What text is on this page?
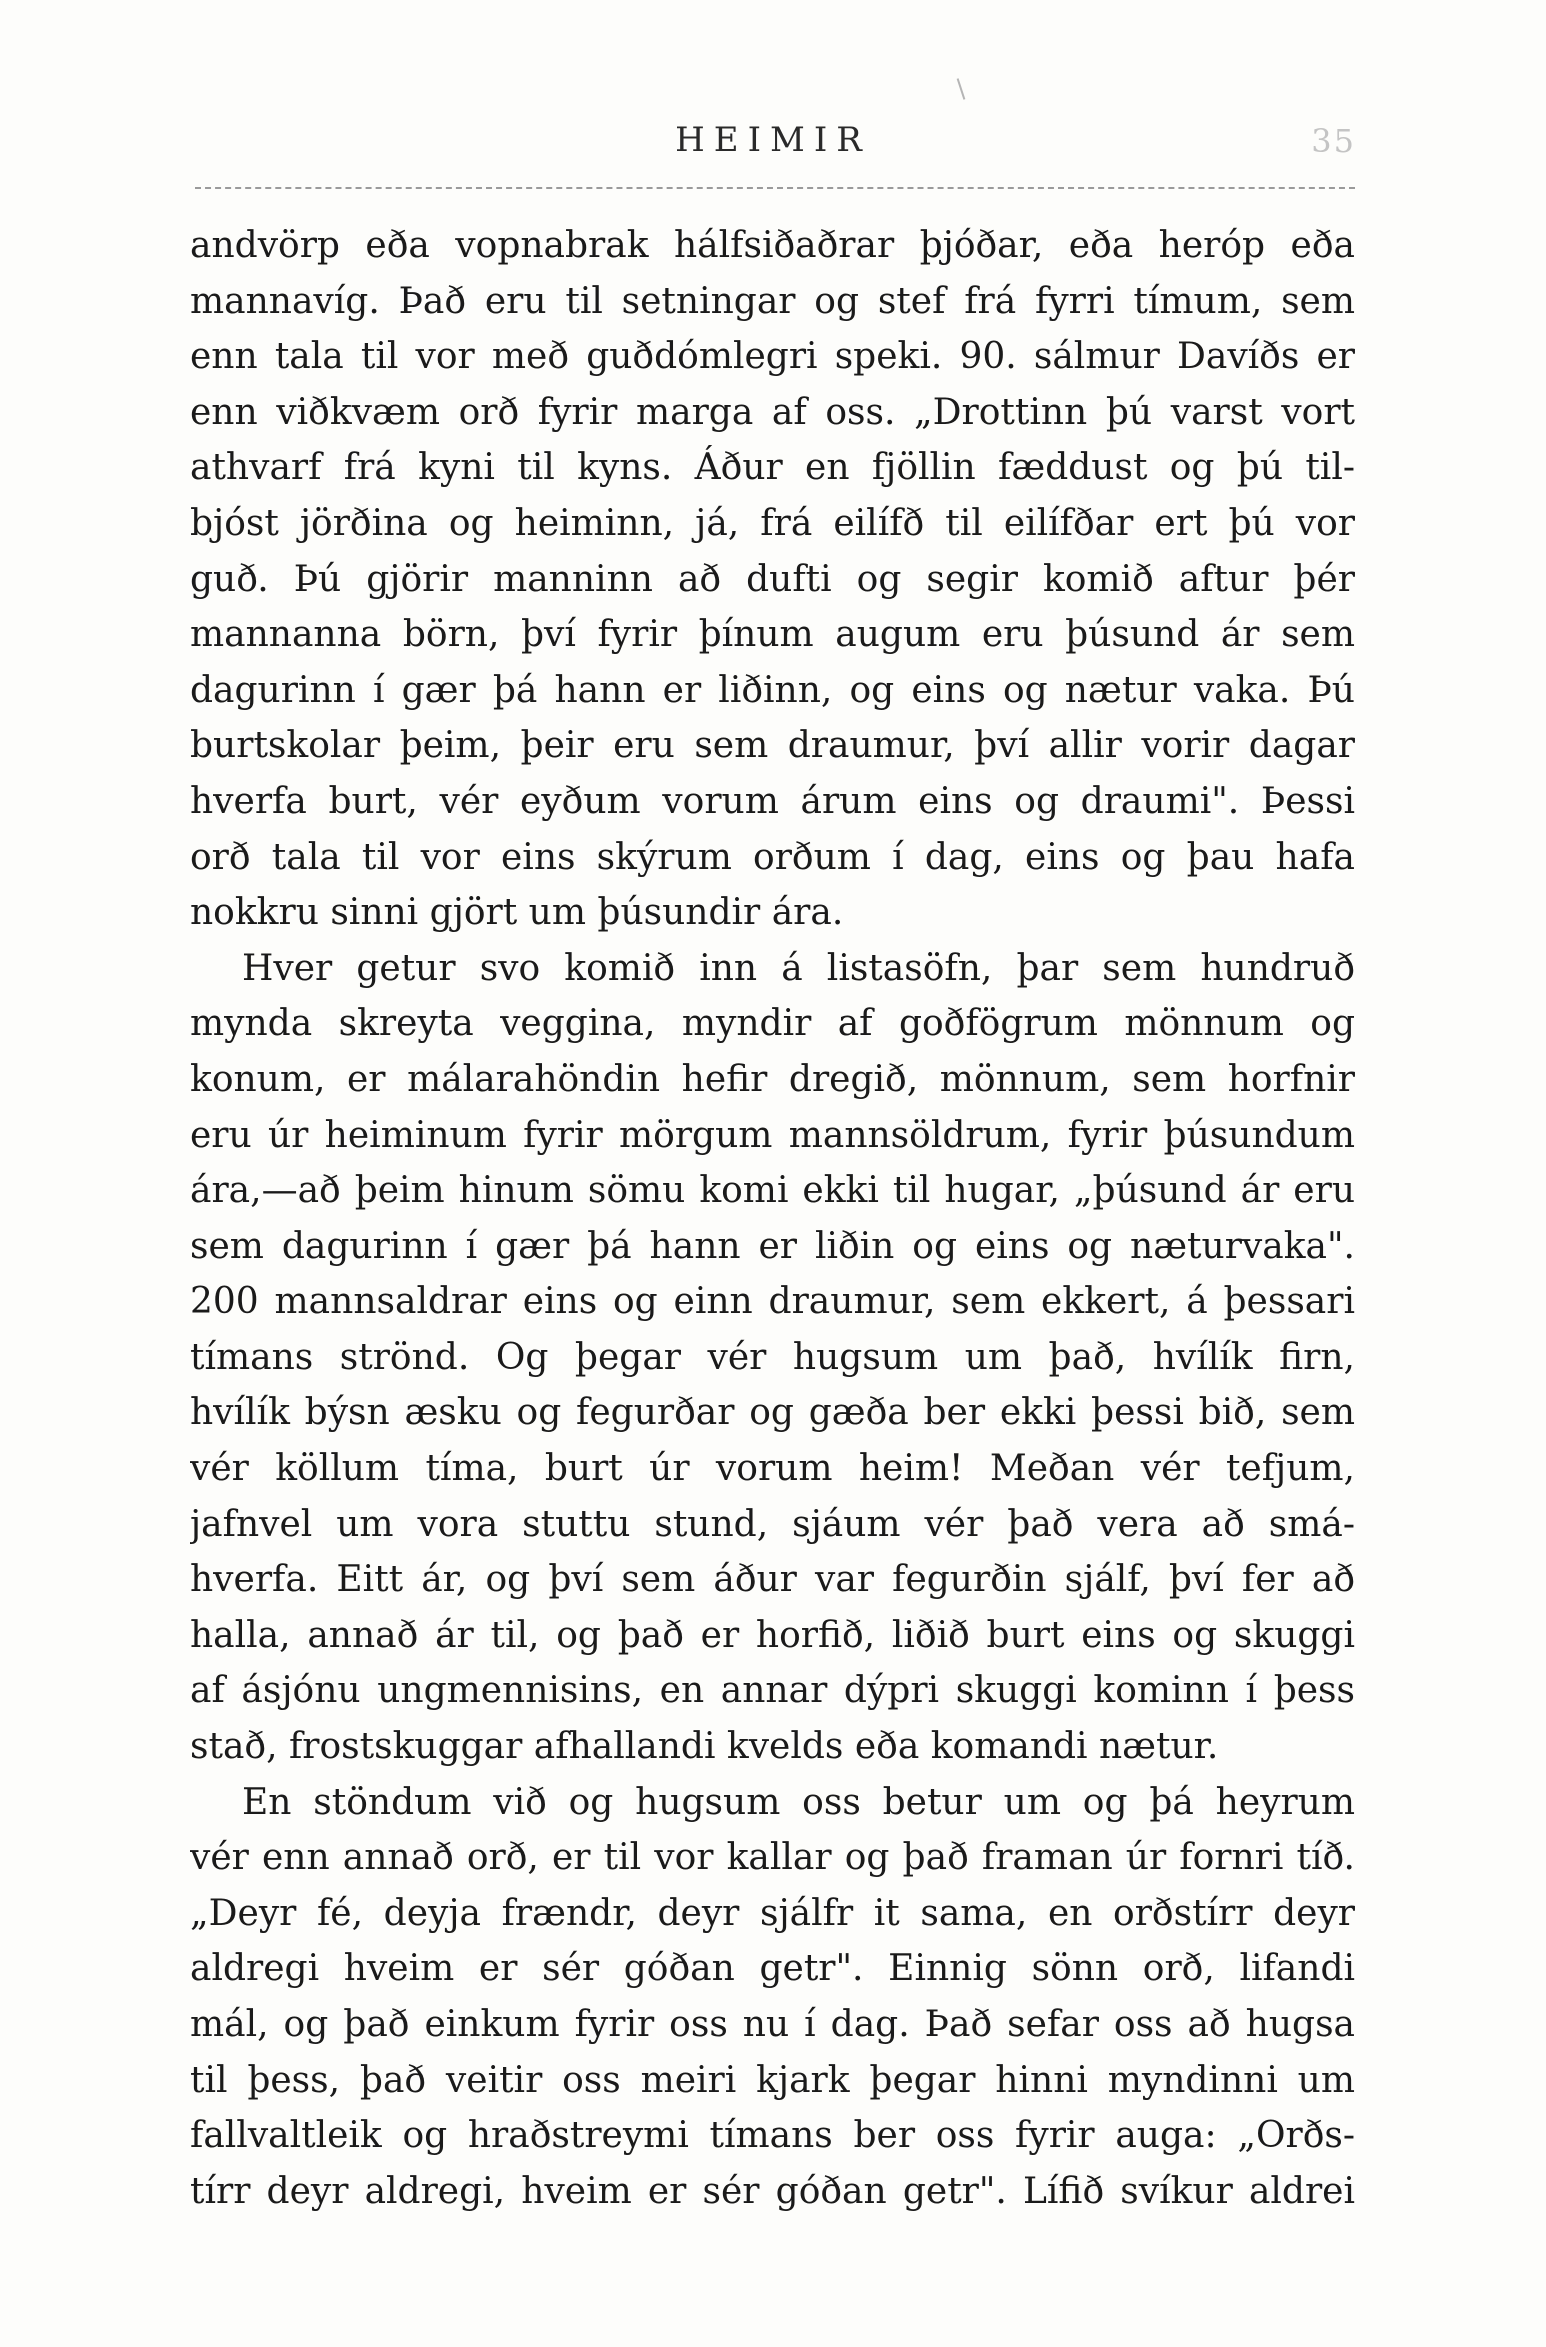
HEIMIR	35
andvörp eða vopnabrak hálfsiðaðrar þjóðar, eða heróp eða
mannavíg. Það eru til setningar og stef frá fyrri tímum, sem
enn tala til vor með guðdómlegri speki. 90. sálmur Davíðs er
enn viðkvæm orð fyrir marga af oss. „Drottinn þú varst vort
athvarf frá kyni til kyns. Áður en fjöllin fæddust og þú til-
bjóst jörðina og heiminn, já, frá eilífð til eilífðar ert þú vor
guð. Þú gjörir manninn að dufti og segir komið aftur þér
mannanna börn, því fyrir þínum augum eru þúsund ár sem
dagurinn í gær þá hann er liðinn, og eins og nætur vaka. Þú
burtskolar þeim, þeir eru sem draumur, því allir vorir dagar
hverfa burt, vér eyðum vorum árum eins og draumi". Þessi
orð tala til vor eins skýrum orðum í dag, eins og þau hafa
nokkru sinni gjört um þúsundir ára.
Hver getur svo komið inn á listasöfn, þar sem hundruð
mynda skreyta veggina, myndir af goðfögrum mönnum og
konum, er málarahöndin hefir dregið, mönnum, sem horfnir
eru úr heiminum fyrir mörgum mannsöldrum, fyrir þúsundum
ára,—að þeim hinum sömu komi ekki til hugar, „þúsund ár eru
sem dagurinn í gær þá hann er liðin og eins og næturvaka".
200 mannsaldrar eins og einn draumur, sem ekkert, á þessari
tímans strönd. Og þegar vér hugsum um það, hvílík firn,
hvílík býsn æsku og fegurðar og gæða ber ekki þessi bið, sem
vér köllum tíma, burt úr vorum heim! Meðan vér tefjum,
jafnvel um vora stuttu stund, sjáum vér það vera að smá-
hverfa. Eitt ár, og því sem áður var fegurðin sjálf, því fer að
halla, annað ár til, og það er horfið, liðið burt eins og skuggi
af ásjónu ungmennisins, en annar dýpri skuggi kominn í þess
stað, frostskuggar afhallandi kvelds eða komandi nætur.
En stöndum við og hugsum oss betur um og þá heyrum
vér enn annað orð, er til vor kallar og það framan úr fornri tíð.
„Deyr fé, deyja frændr, deyr sjálfr it sama, en orðstírr deyr
aldregi hveim er sér góðan getr". Einnig sönn orð, lifandi
mál, og það einkum fyrir oss nu í dag. Það sefar oss að hugsa
til þess, það veitir oss meiri kjark þegar hinni myndinni um
fallvaltleik og hraðstreymi tímans ber oss fyrir auga: „Orðs-
tírr deyr aldregi, hveim er sér góðan getr". Lífið svíkur aldrei
